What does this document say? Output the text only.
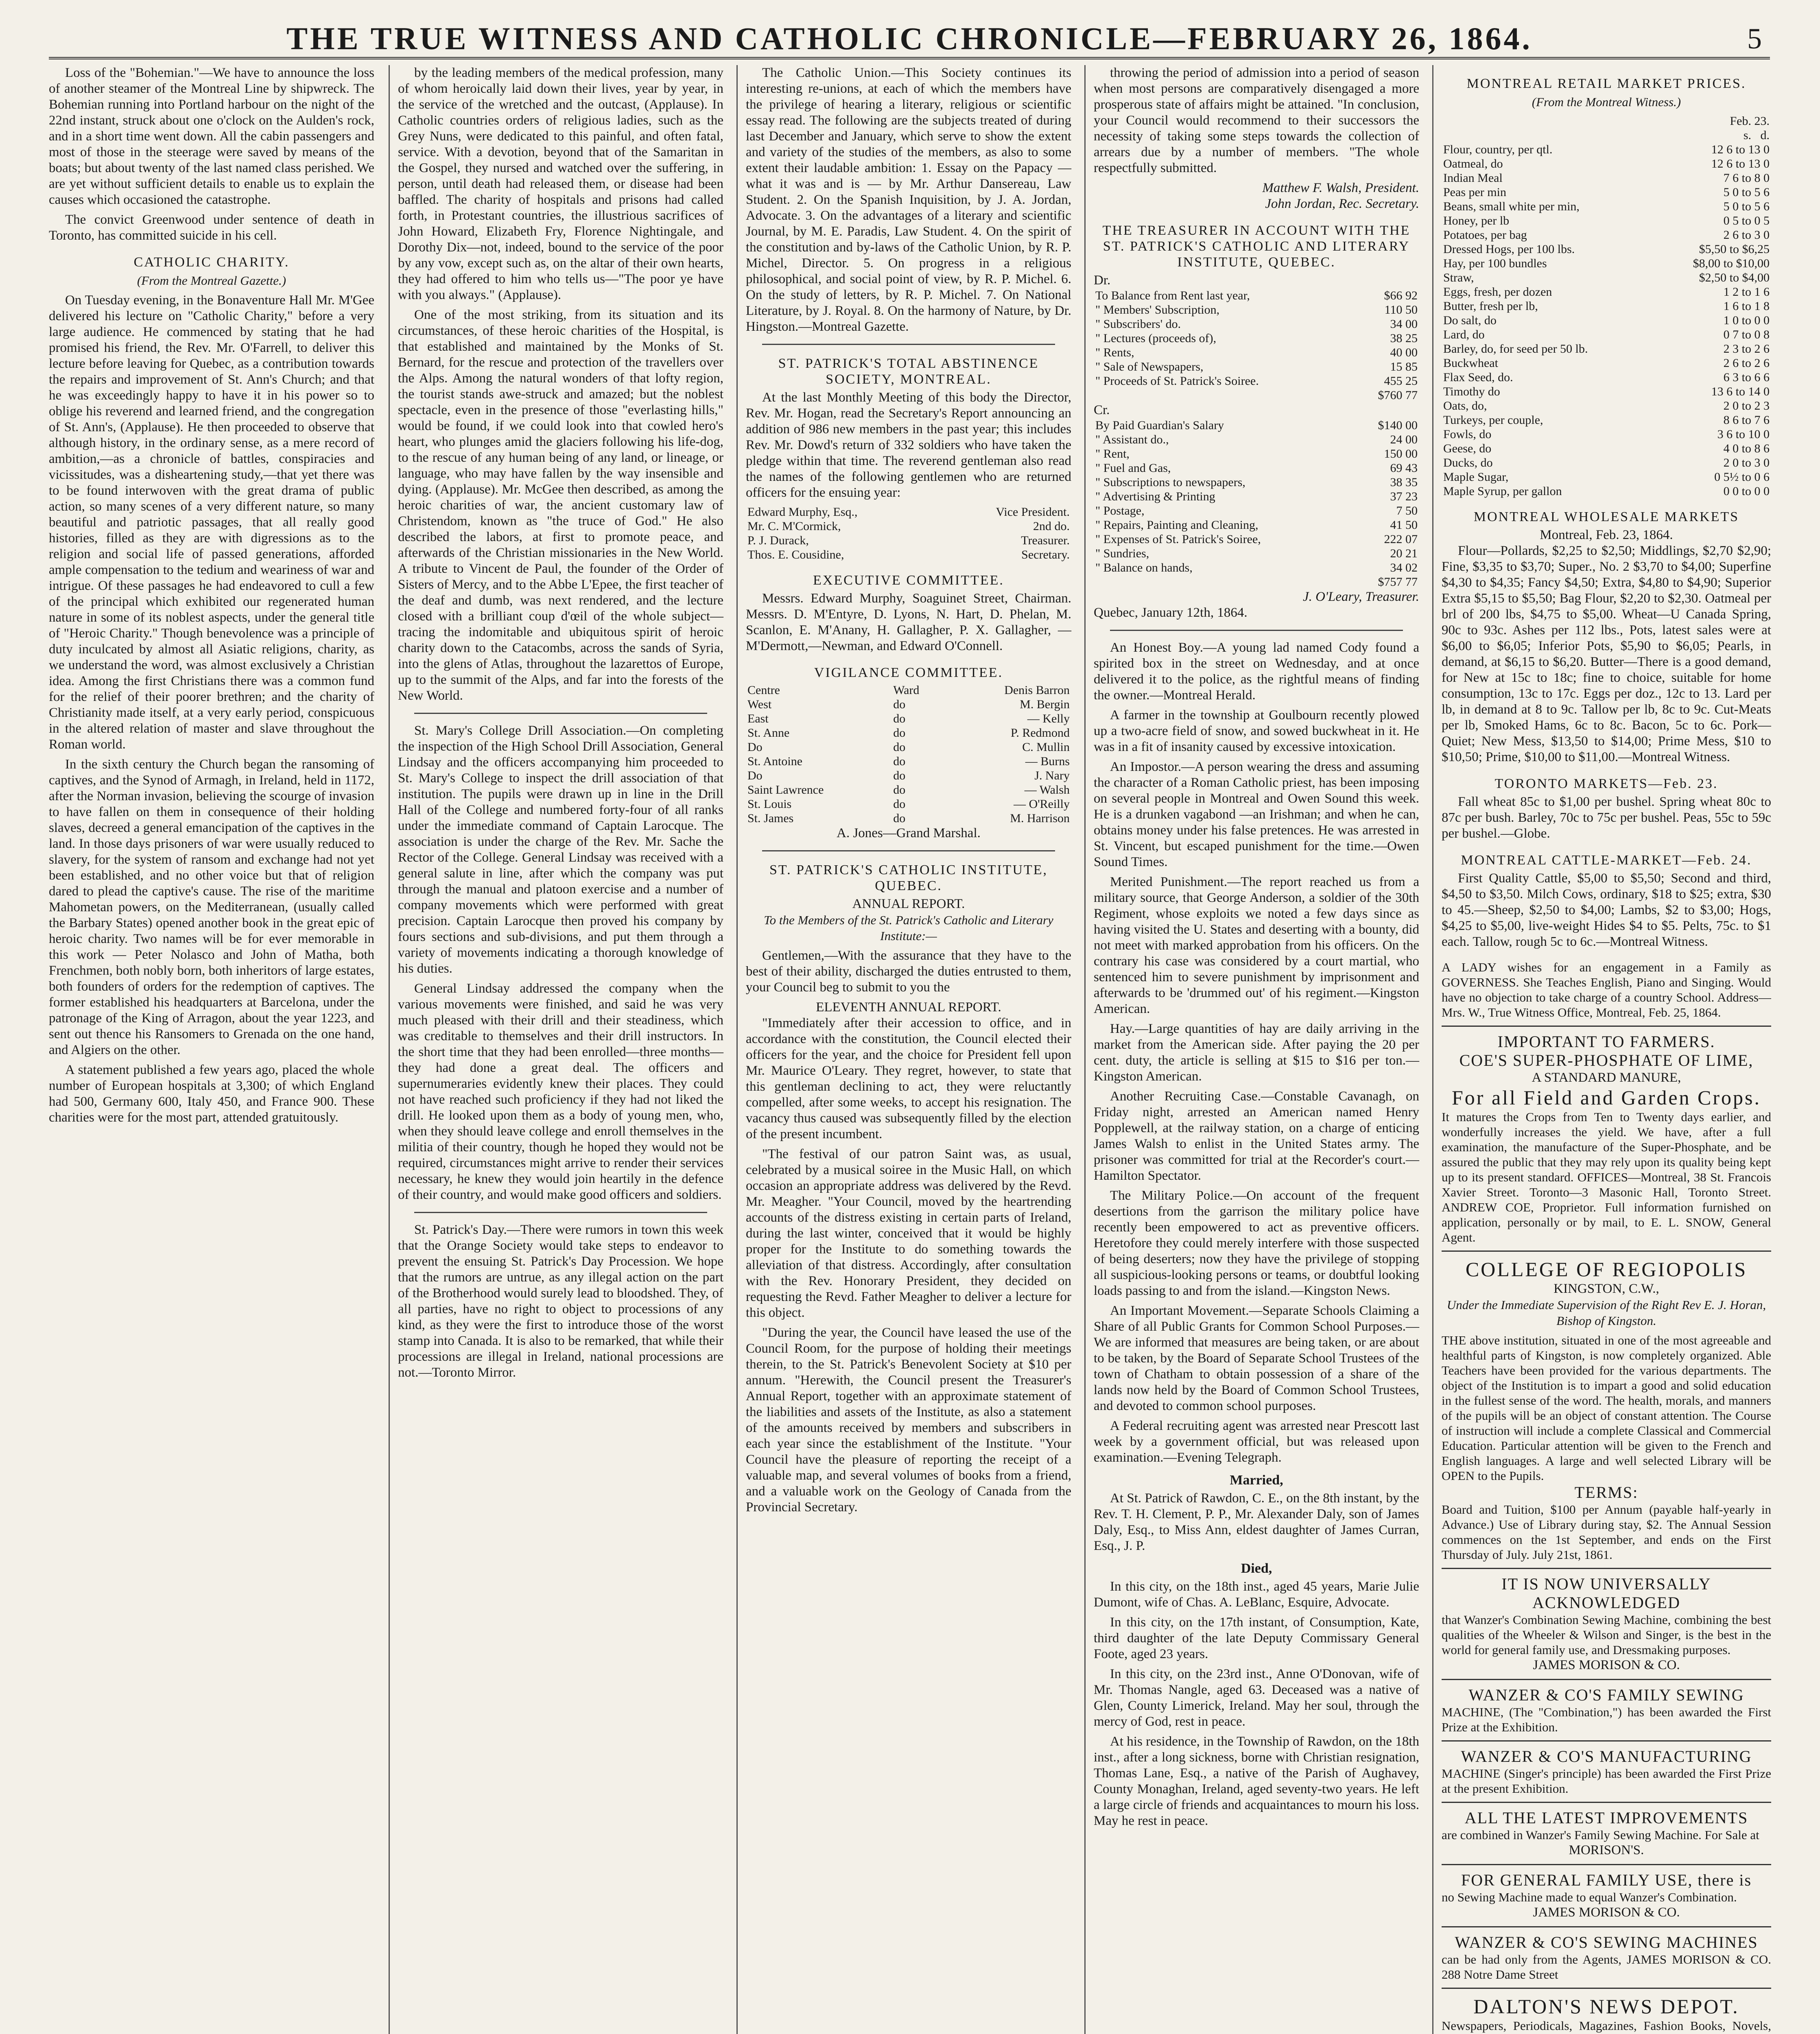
THE TRUE WITNESS AND CATHOLIC CHRONICLE—FEBRUARY 26, 1864.	5

Loss of the "Bohemian."—We have to announce the loss of another steamer of the Montreal Line by shipwreck. The Bohemian running into Portland harbour on the night of the 22nd instant, struck about one o'clock on the Aulden's rock, and in a short time went down. All the cabin passengers and most of those in the steerage were saved by means of the boats; but about twenty of the last named class perished. We are yet without sufficient details to enable us to explain the causes which occasioned the catastrophe.

The convict Greenwood under sentence of death in Toronto, has committed suicide in his cell.

CATHOLIC CHARITY.
(From the Montreal Gazette.)

On Tuesday evening, in the Bonaventure Hall Mr. M'Gee delivered his lecture on "Catholic Charity," before a very large audience. He commenced by stating that he had promised his friend, the Rev. Mr. O'Farrell, to deliver this lecture before leaving for Quebec, as a contribution towards the repairs and improvement of St. Ann's Church; and that he was exceedingly happy to have it in his power so to oblige his reverend and learned friend, and the congregation of St. Ann's, (Applause). He then proceeded to observe that although history, in the ordinary sense, as a mere record of ambition,—as a chronicle of battles, conspiracies and vicissitudes, was a disheartening study,—that yet there was to be found interwoven with the great drama of public action, so many scenes of a very different nature, so many beautiful and patriotic passages, that all really good histories, filled as they are with digressions as to the religion and social life of passed generations, afforded ample compensation to the tedium and weariness of war and intrigue. Of these passages he had endeavored to cull a few of the principal which exhibited our regenerated human nature in some of its noblest aspects, under the general title of "Heroic Charity." Though benevolence was a principle of duty inculcated by almost all Asiatic religions, charity, as we understand the word, was almost exclusively a Christian idea. Among the first Christians there was a common fund for the relief of their poorer brethren; and the charity of Christianity made itself, at a very early period, conspicuous in the altered relation of master and slave throughout the Roman world.

In the sixth century the Church began the ransoming of captives, and the Synod of Armagh, in Ireland, held in 1172, after the Norman invasion, believing the scourge of invasion to have fallen on them in consequence of their holding slaves, decreed a general emancipation of the captives in the land. In those days prisoners of war were usually reduced to slavery, for the system of ransom and exchange had not yet been established, and no other voice but that of religion dared to plead the captive's cause. The rise of the maritime Mahometan powers, on the Mediterranean, (usually called the Barbary States) opened another book in the great epic of heroic charity. Two names will be for ever memorable in this work — Peter Nolasco and John of Matha, both Frenchmen, both nobly born, both inheritors of large estates, both founders of orders for the redemption of captives. The former established his headquarters at Barcelona, under the patronage of the King of Arragon, about the year 1223, and sent out thence his Ransomers to Grenada on the one hand, and Algiers on the other.

A statement published a few years ago, placed the whole number of European hospitals at 3,300; of which England had 500, Germany 600, Italy 450, and France 900. These charities were for the most part, attended gratuitously.

by the leading members of the medical profession, many of whom heroically laid down their lives, year by year, in the service of the wretched and the outcast, (Applause). In Catholic countries orders of religious ladies, such as the Grey Nuns, were dedicated to this painful, and often fatal, service. With a devotion, beyond that of the Samaritan in the Gospel, they nursed and watched over the suffering, in person, until death had released them, or disease had been baffled. The charity of hospitals and prisons had called forth, in Protestant countries, the illustrious sacrifices of John Howard, Elizabeth Fry, Florence Nightingale, and Dorothy Dix—not, indeed, bound to the service of the poor by any vow, except such as, on the altar of their own hearts, they had offered to him who tells us—"The poor ye have with you always." (Applause).

One of the most striking, from its situation and its circumstances, of these heroic charities of the Hospital, is that established and maintained by the Monks of St. Bernard, for the rescue and protection of the travellers over the Alps. Among the natural wonders of that lofty region, the tourist stands awe-struck and amazed; but the noblest spectacle, even in the presence of those "everlasting hills," would be found, if we could look into that cowled hero's heart, who plunges amid the glaciers following his life-dog, to the rescue of any human being of any land, or lineage, or language, who may have fallen by the way insensible and dying. (Applause). Mr. McGee then described, as among the heroic charities of war, the ancient customary law of Christendom, known as "the truce of God." He also described the labors, at first to promote peace, and afterwards of the Christian missionaries in the New World. A tribute to Vincent de Paul, the founder of the Order of Sisters of Mercy, and to the Abbe L'Epee, the first teacher of the deaf and dumb, was next rendered, and the lecture closed with a brilliant coup d'œil of the whole subject—tracing the indomitable and ubiquitous spirit of heroic charity down to the Catacombs, across the sands of Syria, into the glens of Atlas, throughout the lazarettos of Europe, up to the summit of the Alps, and far into the forests of the New World.

St. Mary's College Drill Association.—On completing the inspection of the High School Drill Association, General Lindsay and the officers accompanying him proceeded to St. Mary's College to inspect the drill association of that institution. The pupils were drawn up in line in the Drill Hall of the College and numbered forty-four of all ranks under the immediate command of Captain Larocque. The association is under the charge of the Rev. Mr. Sache the Rector of the College. General Lindsay was received with a general salute in line, after which the company was put through the manual and platoon exercise and a number of company movements which were performed with great precision. Captain Larocque then proved his company by fours sections and sub-divisions, and put them through a variety of movements indicating a thorough knowledge of his duties.

General Lindsay addressed the company when the various movements were finished, and said he was very much pleased with their drill and their steadiness, which was creditable to themselves and their drill instructors. In the short time that they had been enrolled—three months—they had done a great deal. The officers and supernumeraries evidently knew their places. They could not have reached such proficiency if they had not liked the drill. He looked upon them as a body of young men, who, when they should leave college and enroll themselves in the militia of their country, though he hoped they would not be required, circumstances might arrive to render their services necessary, he knew they would join heartily in the defence of their country, and would make good officers and soldiers.

St. Patrick's Day.—There were rumors in town this week that the Orange Society would take steps to endeavor to prevent the ensuing St. Patrick's Day Procession. We hope that the rumors are untrue, as any illegal action on the part of the Brotherhood would surely lead to bloodshed. They, of all parties, have no right to object to processions of any kind, as they were the first to introduce those of the worst stamp into Canada. It is also to be remarked, that while their processions are illegal in Ireland, national processions are not.—Toronto Mirror.

The Catholic Union.—This Society continues its interesting re-unions, at each of which the members have the privilege of hearing a literary, religious or scientific essay read. The following are the subjects treated of during last December and January, which serve to show the extent and variety of the studies of the members, as also to some extent their laudable ambition: 1. Essay on the Papacy — what it was and is — by Mr. Arthur Dansereau, Law Student. 2. On the Spanish Inquisition, by J. A. Jordan, Advocate. 3. On the advantages of a literary and scientific Journal, by M. E. Paradis, Law Student. 4. On the spirit of the constitution and by-laws of the Catholic Union, by R. P. Michel, Director. 5. On progress in a religious philosophical, and social point of view, by R. P. Michel. 6. On the study of letters, by R. P. Michel. 7. On National Literature, by J. Royal. 8. On the harmony of Nature, by Dr. Hingston.—Montreal Gazette.

ST. PATRICK'S TOTAL ABSTINENCE SOCIETY, MONTREAL.

At the last Monthly Meeting of this body the Director, Rev. Mr. Hogan, read the Secretary's Report announcing an addition of 986 new members in the past year; this includes Rev. Mr. Dowd's return of 332 soldiers who have taken the pledge within that time. The reverend gentleman also read the names of the following gentlemen who are returned officers for the ensuing year:

Edward Murphy, Esq.,	Vice President.
Mr. C. M'Cormick,	2nd do.
P. J. Durack,	Treasurer.
Thos. E. Cousidine,	Secretary.
EXECUTIVE COMMITTEE.

Messrs. Edward Murphy, Soaguinet Street, Chairman. Messrs. D. M'Entyre, D. Lyons, N. Hart, D. Phelan, M. Scanlon, E. M'Anany, H. Gallagher, P. X. Gallagher, — M'Dermott,—Newman, and Edward O'Connell.

VIGILANCE COMMITTEE.
Centre	Ward	Denis Barron
West	do	M. Bergin
East	do	— Kelly
St. Anne	do	P. Redmond
Do	do	C. Mullin
St. Antoine	do	— Burns
Do	do	J. Nary
Saint Lawrence	do	— Walsh
St. Louis	do	— O'Reilly
St. James	do	M. Harrison
A. Jones—Grand Marshal.
ST. PATRICK'S CATHOLIC INSTITUTE, QUEBEC.
ANNUAL REPORT.
To the Members of the St. Patrick's Catholic and Literary Institute:—

Gentlemen,—With the assurance that they have to the best of their ability, discharged the duties entrusted to them, your Council beg to submit to you the

ELEVENTH ANNUAL REPORT.

"Immediately after their accession to office, and in accordance with the constitution, the Council elected their officers for the year, and the choice for President fell upon Mr. Maurice O'Leary. They regret, however, to state that this gentleman declining to act, they were reluctantly compelled, after some weeks, to accept his resignation. The vacancy thus caused was subsequently filled by the election of the present incumbent.

"The festival of our patron Saint was, as usual, celebrated by a musical soiree in the Music Hall, on which occasion an appropriate address was delivered by the Revd. Mr. Meagher. "Your Council, moved by the heartrending accounts of the distress existing in certain parts of Ireland, during the last winter, conceived that it would be highly proper for the Institute to do something towards the alleviation of that distress. Accordingly, after consultation with the Rev. Honorary President, they decided on requesting the Revd. Father Meagher to deliver a lecture for this object.

"During the year, the Council have leased the use of the Council Room, for the purpose of holding their meetings therein, to the St. Patrick's Benevolent Society at $10 per annum. "Herewith, the Council present the Treasurer's Annual Report, together with an approximate statement of the liabilities and assets of the Institute, as also a statement of the amounts received by members and subscribers in each year since the establishment of the Institute. "Your Council have the pleasure of reporting the receipt of a valuable map, and several volumes of books from a friend, and a valuable work on the Geology of Canada from the Provincial Secretary.

throwing the period of admission into a period of season when most persons are comparatively disengaged a more prosperous state of affairs might be attained. "In conclusion, your Council would recommend to their successors the necessity of taking some steps towards the collection of arrears due by a number of members. "The whole respectfully submitted.

Matthew F. Walsh, President.
John Jordan, Rec. Secretary.
THE TREASURER IN ACCOUNT WITH THE ST. PATRICK'S CATHOLIC AND LITERARY INSTITUTE, QUEBEC.
Dr.
To Balance from Rent last year,	$66 92
" Members' Subscription,	110 50
" Subscribers' do.	34 00
" Lectures (proceeds of),	38 25
" Rents,	40 00
" Sale of Newspapers,	15 85
" Proceeds of St. Patrick's Soiree.	455 25
	$760 77
Cr.
By Paid Guardian's Salary	$140 00
" Assistant do.,	24 00
" Rent,	150 00
" Fuel and Gas,	69 43
" Subscriptions to newspapers,	38 35
" Advertising & Printing	37 23
" Postage,	7 50
" Repairs, Painting and Cleaning,	41 50
" Expenses of St. Patrick's Soiree,	222 07
" Sundries,	20 21
" Balance on hands,	34 02
	$757 77
J. O'Leary, Treasurer.
Quebec, January 12th, 1864.

An Honest Boy.—A young lad named Cody found a spirited box in the street on Wednesday, and at once delivered it to the police, as the rightful means of finding the owner.—Montreal Herald.

A farmer in the township at Goulbourn recently plowed up a two-acre field of snow, and sowed buckwheat in it. He was in a fit of insanity caused by excessive intoxication.

An Impostor.—A person wearing the dress and assuming the character of a Roman Catholic priest, has been imposing on several people in Montreal and Owen Sound this week. He is a drunken vagabond —an Irishman; and when he can, obtains money under his false pretences. He was arrested in St. Vincent, but escaped punishment for the time.—Owen Sound Times.

Merited Punishment.—The report reached us from a military source, that George Anderson, a soldier of the 30th Regiment, whose exploits we noted a few days since as having visited the U. States and deserting with a bounty, did not meet with marked approbation from his officers. On the contrary his case was considered by a court martial, who sentenced him to severe punishment by imprisonment and afterwards to be 'drummed out' of his regiment.—Kingston American.

Hay.—Large quantities of hay are daily arriving in the market from the American side. After paying the 20 per cent. duty, the article is selling at $15 to $16 per ton.—Kingston American.

Another Recruiting Case.—Constable Cavanagh, on Friday night, arrested an American named Henry Popplewell, at the railway station, on a charge of enticing James Walsh to enlist in the United States army. The prisoner was committed for trial at the Recorder's court.—Hamilton Spectator.

The Military Police.—On account of the frequent desertions from the garrison the military police have recently been empowered to act as preventive officers. Heretofore they could merely interfere with those suspected of being deserters; now they have the privilege of stopping all suspicious-looking persons or teams, or doubtful looking loads passing to and from the island.—Kingston News.

An Important Movement.—Separate Schools Claiming a Share of all Public Grants for Common School Purposes.—We are informed that measures are being taken, or are about to be taken, by the Board of Separate School Trustees of the town of Chatham to obtain possession of a share of the lands now held by the Board of Common School Trustees, and devoted to common school purposes.

A Federal recruiting agent was arrested near Prescott last week by a government official, but was released upon examination.—Evening Telegraph.

Married,

At St. Patrick of Rawdon, C. E., on the 8th instant, by the Rev. T. H. Clement, P. P., Mr. Alexander Daly, son of James Daly, Esq., to Miss Ann, eldest daughter of James Curran, Esq., J. P.

Died,

In this city, on the 18th inst., aged 45 years, Marie Julie Dumont, wife of Chas. A. LeBlanc, Esquire, Advocate.

In this city, on the 17th instant, of Consumption, Kate, third daughter of the late Deputy Commissary General Foote, aged 23 years.

In this city, on the 23rd inst., Anne O'Donovan, wife of Mr. Thomas Nangle, aged 63. Deceased was a native of Glen, County Limerick, Ireland. May her soul, through the mercy of God, rest in peace.

At his residence, in the Township of Rawdon, on the 18th inst., after a long sickness, borne with Christian resignation, Thomas Lane, Esq., a native of the Parish of Aughavey, County Monaghan, Ireland, aged seventy-two years. He left a large circle of friends and acquaintances to mourn his loss. May he rest in peace.

MONTREAL RETAIL MARKET PRICES.
(From the Montreal Witness.)
	Feb. 23.
	s. d.
Flour, country, per qtl.	12 6 to 13 0
Oatmeal, do	12 6 to 13 0
Indian Meal	7 6 to 8 0
Peas per min	5 0 to 5 6
Beans, small white per min,	5 0 to 5 6
Honey, per lb	0 5 to 0 5
Potatoes, per bag	2 6 to 3 0
Dressed Hogs, per 100 lbs.	$5,50 to $6,25
Hay, per 100 bundles	$8,00 to $10,00
Straw,	$2,50 to $4,00
Eggs, fresh, per dozen	1 2 to 1 6
Butter, fresh per lb,	1 6 to 1 8
Do salt, do	1 0 to 0 0
Lard, do	0 7 to 0 8
Barley, do, for seed per 50 lb.	2 3 to 2 6
Buckwheat	2 6 to 2 6
Flax Seed, do.	6 3 to 6 6
Timothy do	13 6 to 14 0
Oats, do,	2 0 to 2 3
Turkeys, per couple,	8 6 to 7 6
Fowls, do	3 6 to 10 0
Geese, do	4 0 to 8 6
Ducks, do	2 0 to 3 0
Maple Sugar,	0 5½ to 0 6
Maple Syrup, per gallon	0 0 to 0 0
MONTREAL WHOLESALE MARKETS
Montreal, Feb. 23, 1864.

Flour—Pollards, $2,25 to $2,50; Middlings, $2,70 $2,90; Fine, $3,35 to $3,70; Super., No. 2 $3,70 to $4,00; Superfine $4,30 to $4,35; Fancy $4,50; Extra, $4,80 to $4,90; Superior Extra $5,15 to $5,50; Bag Flour, $2,20 to $2,30. Oatmeal per brl of 200 lbs, $4,75 to $5,00. Wheat—U Canada Spring, 90c to 93c. Ashes per 112 lbs., Pots, latest sales were at $6,00 to $6,05; Inferior Pots, $5,90 to $6,05; Pearls, in demand, at $6,15 to $6,20. Butter—There is a good demand, for New at 15c to 18c; fine to choice, suitable for home consumption, 13c to 17c. Eggs per doz., 12c to 13. Lard per lb, in demand at 8 to 9c. Tallow per lb, 8c to 9c. Cut-Meats per lb, Smoked Hams, 6c to 8c. Bacon, 5c to 6c. Pork—Quiet; New Mess, $13,50 to $14,00; Prime Mess, $10 to $10,50; Prime, $10,00 to $11,00.—Montreal Witness.

TORONTO MARKETS—Feb. 23.

Fall wheat 85c to $1,00 per bushel. Spring wheat 80c to 87c per bush. Barley, 70c to 75c per bushel. Peas, 55c to 59c per bushel.—Globe.

MONTREAL CATTLE-MARKET—Feb. 24.

First Quality Cattle, $5,00 to $5,50; Second and third, $4,50 to $3,50. Milch Cows, ordinary, $18 to $25; extra, $30 to 45.—Sheep, $2,50 to $4,00; Lambs, $2 to $3,00; Hogs, $4,25 to $5,00, live-weight Hides $4 to $5. Pelts, 75c. to $1 each. Tallow, rough 5c to 6c.—Montreal Witness.

A LADY wishes for an engagement in a Family as GOVERNESS. She Teaches English, Piano and Singing. Would have no objection to take charge of a country School. Address—Mrs. W., True Witness Office, Montreal, Feb. 25, 1864.
IMPORTANT TO FARMERS.
COE'S SUPER-PHOSPHATE OF LIME,
A STANDARD MANURE,
For all Field and Garden Crops.
It matures the Crops from Ten to Twenty days earlier, and wonderfully increases the yield. We have, after a full examination, the manufacture of the Super-Phosphate, and be assured the public that they may rely upon its quality being kept up to its present standard. OFFICES—Montreal, 38 St. Francois Xavier Street. Toronto—3 Masonic Hall, Toronto Street. ANDREW COE, Proprietor. Full information furnished on application, personally or by mail, to E. L. SNOW, General Agent.
COLLEGE OF REGIOPOLIS
KINGSTON, C.W.,
Under the Immediate Supervision of the Right Rev E. J. Horan, Bishop of Kingston.
THE above institution, situated in one of the most agreeable and healthful parts of Kingston, is now completely organized. Able Teachers have been provided for the various departments. The object of the Institution is to impart a good and solid education in the fullest sense of the word. The health, morals, and manners of the pupils will be an object of constant attention. The Course of instruction will include a complete Classical and Commercial Education. Particular attention will be given to the French and English languages. A large and well selected Library will be OPEN to the Pupils.
TERMS:
Board and Tuition, $100 per Annum (payable half-yearly in Advance.) Use of Library during stay, $2. The Annual Session commences on the 1st September, and ends on the First Thursday of July. July 21st, 1861.
IT IS NOW UNIVERSALLY ACKNOWLEDGED
that Wanzer's Combination Sewing Machine, combining the best qualities of the Wheeler & Wilson and Singer, is the best in the world for general family use, and Dressmaking purposes.
JAMES MORISON & CO.
WANZER & CO'S FAMILY SEWING
MACHINE, (The "Combination,") has been awarded the First Prize at the Exhibition.
WANZER & CO'S MANUFACTURING
MACHINE (Singer's principle) has been awarded the First Prize at the present Exhibition.
ALL THE LATEST IMPROVEMENTS
are combined in Wanzer's Family Sewing Machine. For Sale at
MORISON'S.
FOR GENERAL FAMILY USE, there is
no Sewing Machine made to equal Wanzer's Combination.
JAMES MORISON & CO.
WANZER & CO'S SEWING MACHINES
can be had only from the Agents, JAMES MORISON & CO. 288 Notre Dame Street
DALTON'S NEWS DEPOT.
Newspapers, Periodicals, Magazines, Fashion Books, Novels,
